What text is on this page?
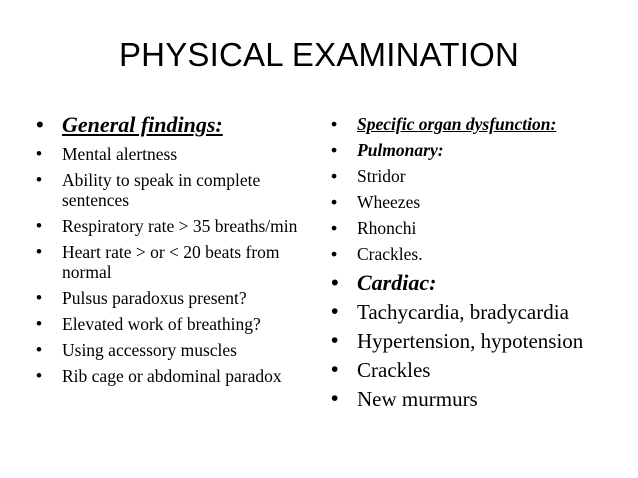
PHYSICAL EXAMINATION
• General findings:
• Mental alertness
• Ability to speak in complete sentences
• Respiratory rate > 35 breaths/min
• Heart rate > or < 20 beats from normal
• Pulsus paradoxus present?
• Elevated work of breathing?
• Using accessory muscles
• Rib cage or abdominal paradox
• Specific organ dysfunction:
• Pulmonary:
• Stridor
• Wheezes
• Rhonchi
• Crackles.
• Cardiac:
• Tachycardia, bradycardia
• Hypertension, hypotension
• Crackles
• New murmurs
